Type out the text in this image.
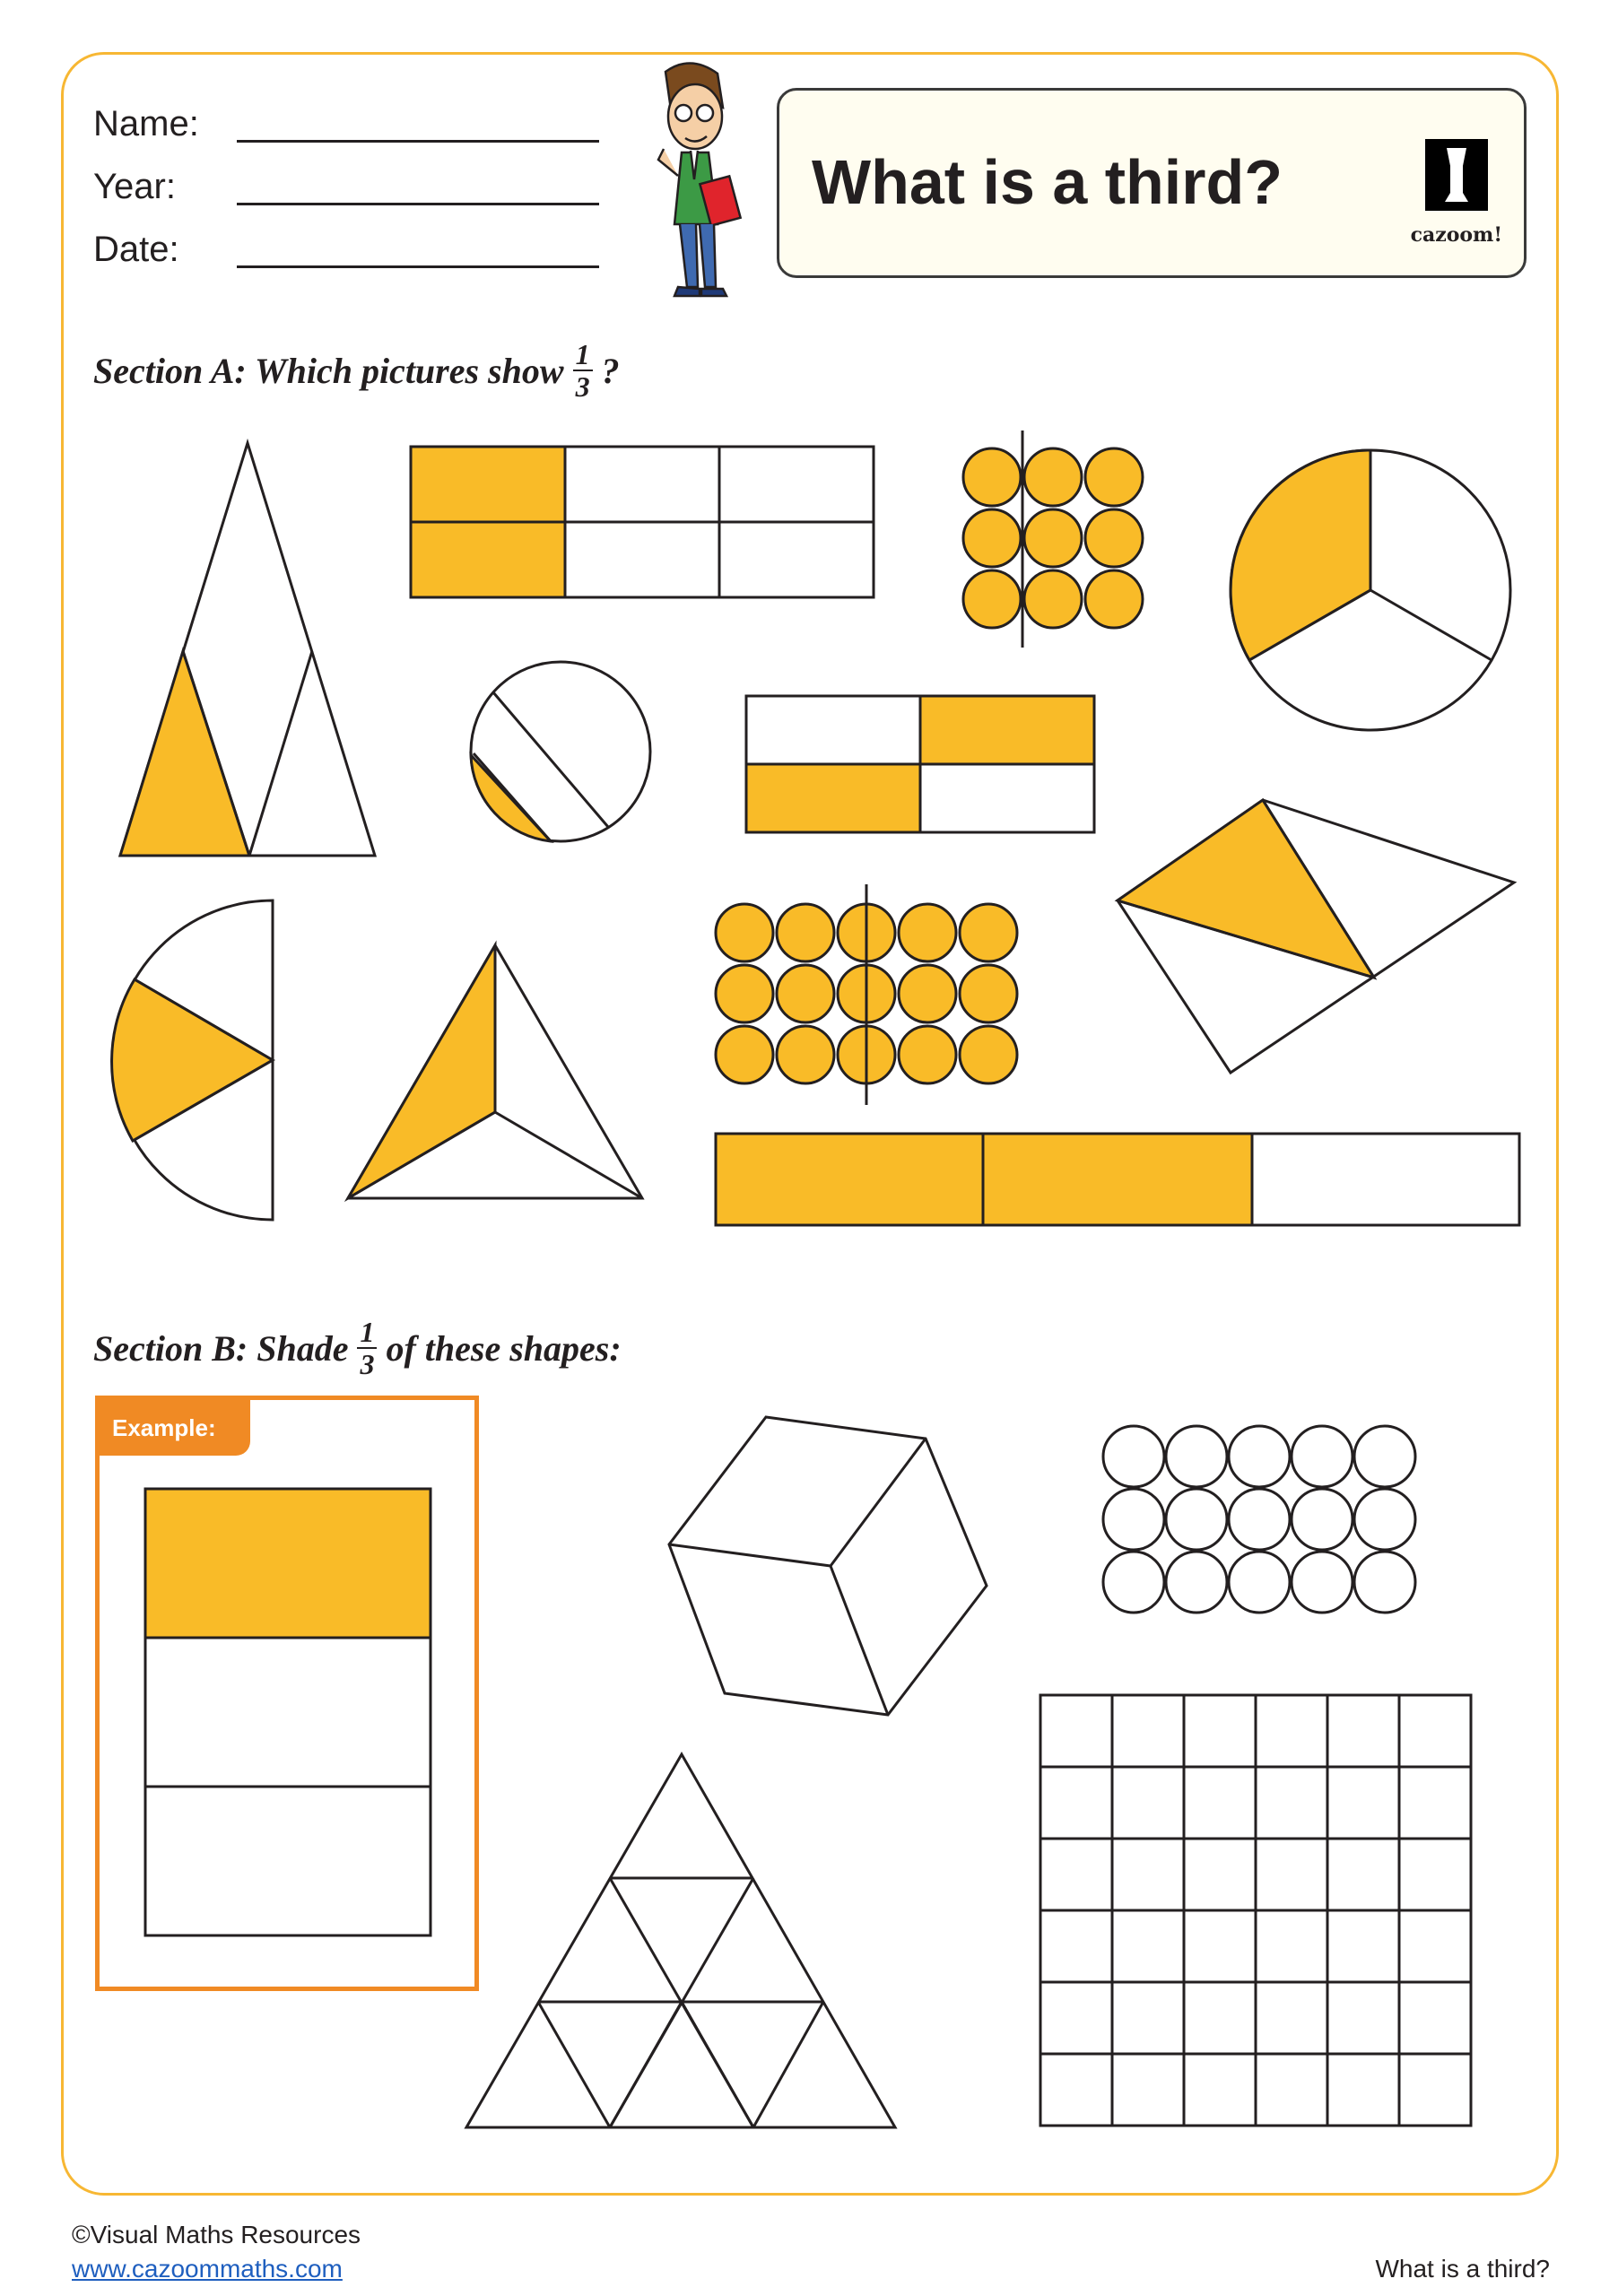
Name:
Year:
Date:
What is a third?
cazoom!
Section A: Which pictures show $\frac{1}{3}$ ?
Section B: Shade $\frac{1}{3}$ of these shapes:
Example:
©Visual Maths Resources
www.cazoommaths.com	What is a third?
